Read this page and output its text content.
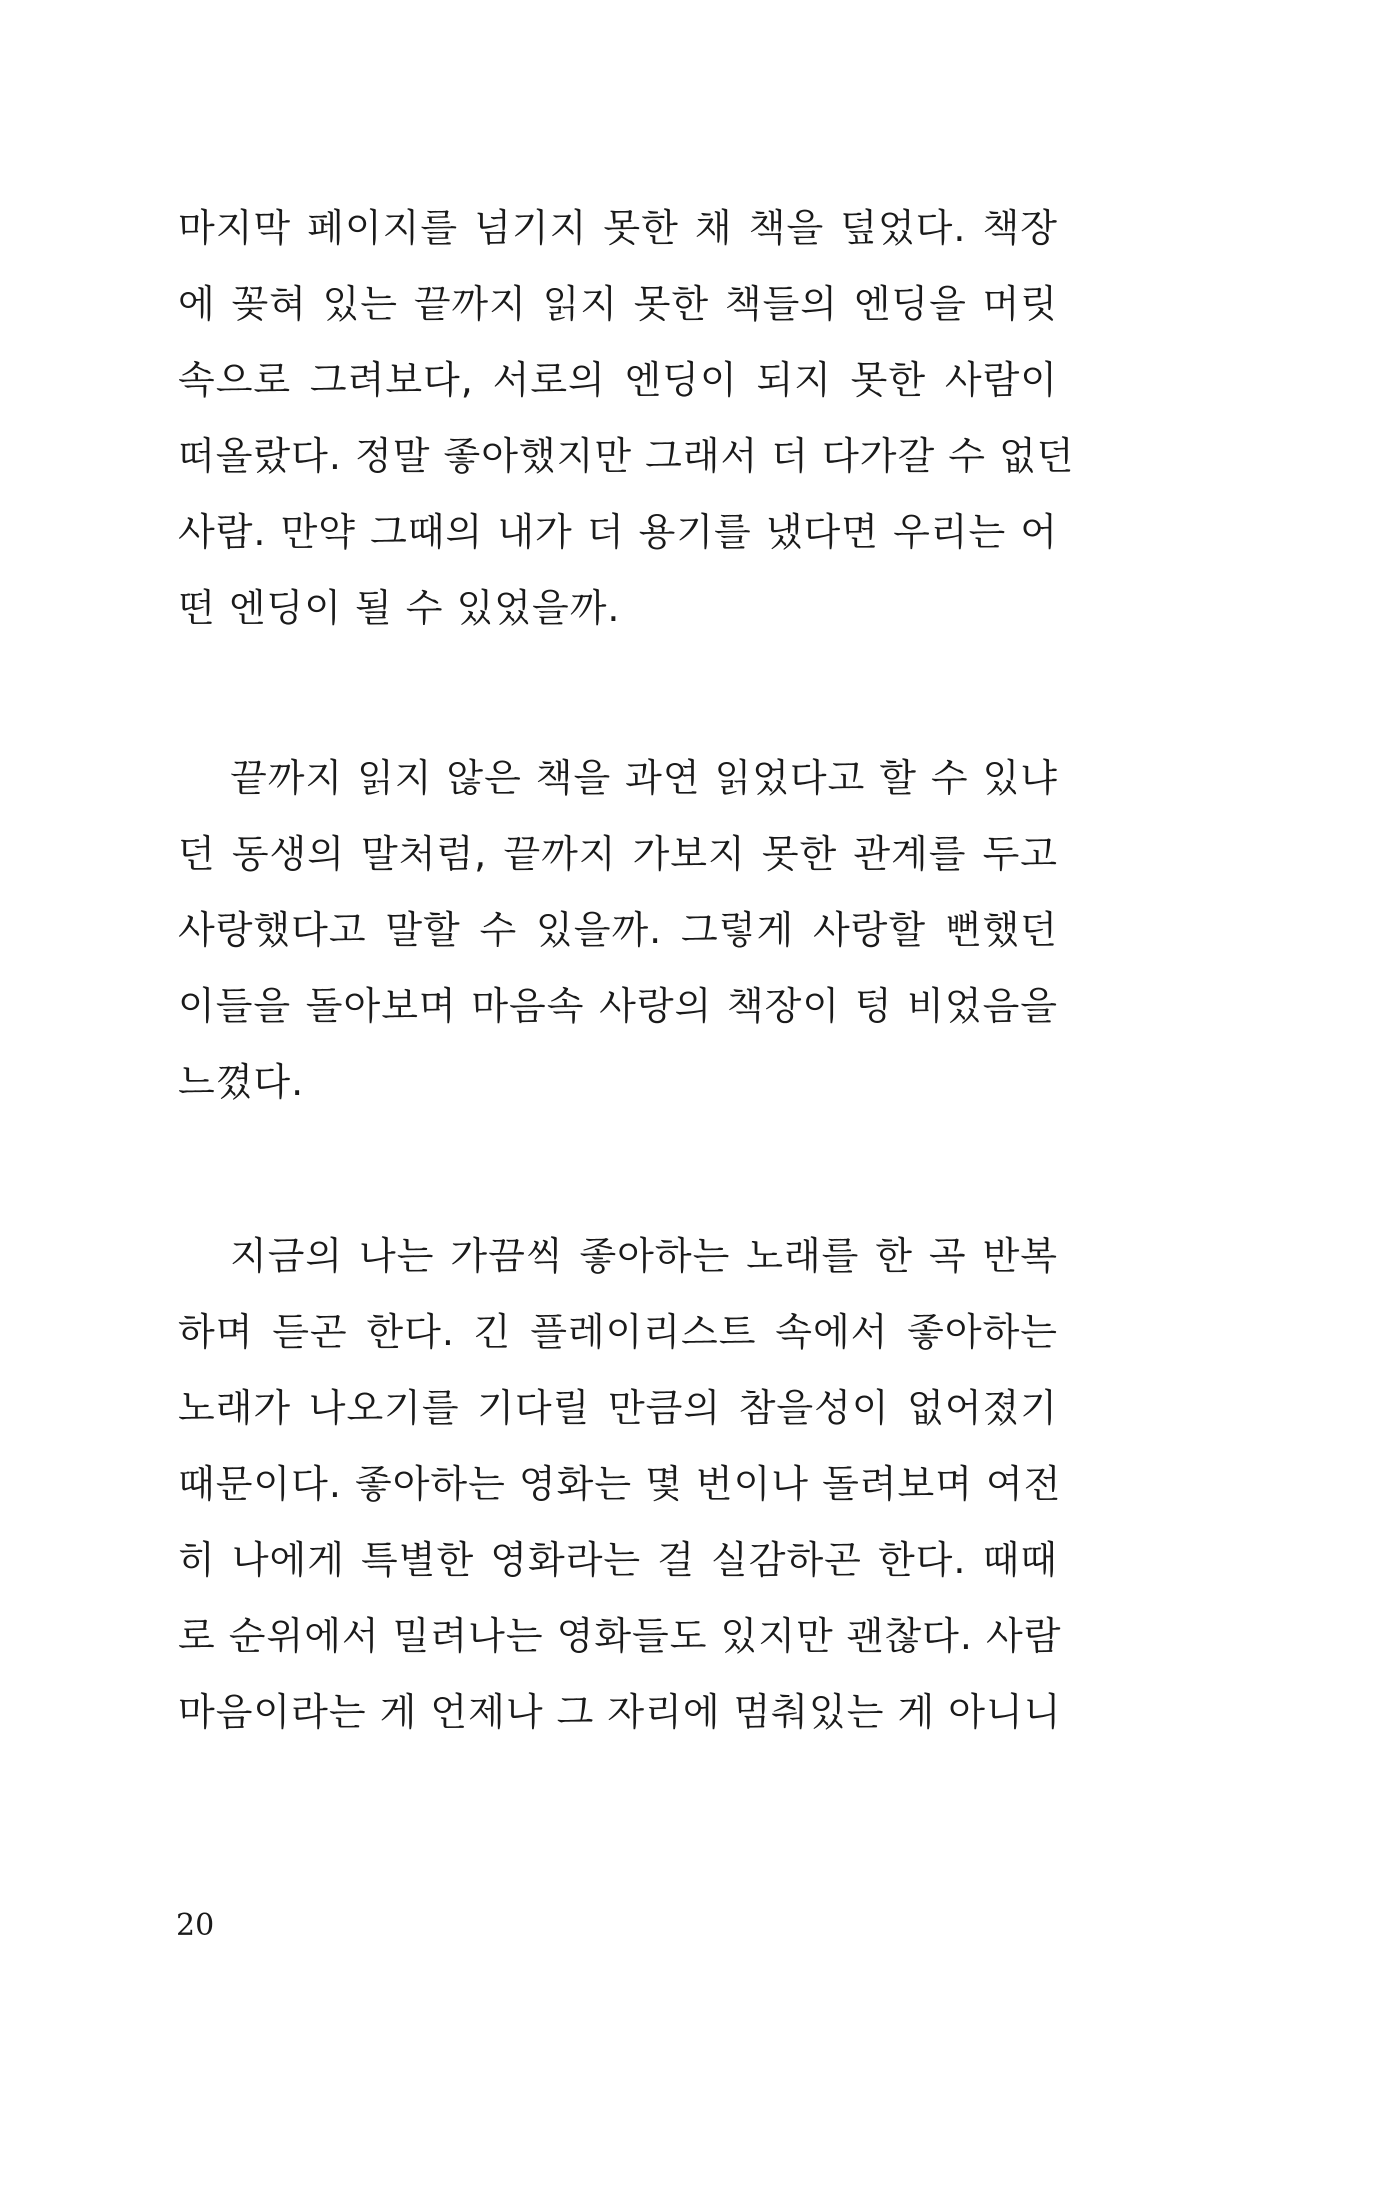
마지막 페이지를 넘기지 못한 채 책을 덮었다. 책장
에 꽂혀 있는 끝까지 읽지 못한 책들의 엔딩을 머릿
속으로 그려보다, 서로의 엔딩이 되지 못한 사람이
떠올랐다. 정말 좋아했지만 그래서 더 다가갈 수 없던
사람. 만약 그때의 내가 더 용기를 냈다면 우리는 어
떤 엔딩이 될 수 있었을까.
끝까지 읽지 않은 책을 과연 읽었다고 할 수 있냐
던 동생의 말처럼, 끝까지 가보지 못한 관계를 두고
사랑했다고 말할 수 있을까. 그렇게 사랑할 뻔했던
이들을 돌아보며 마음속 사랑의 책장이 텅 비었음을
느꼈다.
지금의 나는 가끔씩 좋아하는 노래를 한 곡 반복
하며 듣곤 한다. 긴 플레이리스트 속에서 좋아하는
노래가 나오기를 기다릴 만큼의 참을성이 없어졌기
때문이다. 좋아하는 영화는 몇 번이나 돌려보며 여전
히 나에게 특별한 영화라는 걸 실감하곤 한다. 때때
로 순위에서 밀려나는 영화들도 있지만 괜찮다. 사람
마음이라는 게 언제나 그 자리에 멈춰있는 게 아니니
20
